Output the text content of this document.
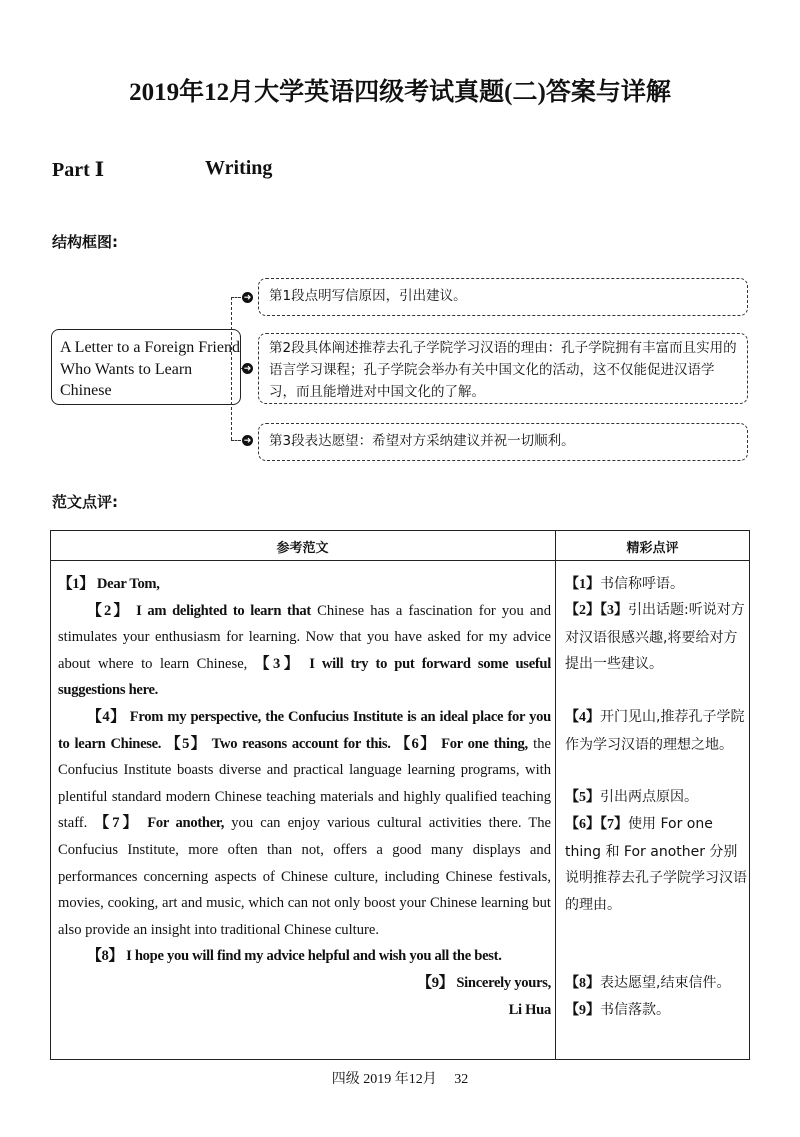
2019年12月大学英语四级考试真题(二)答案与详解
Part Ⅰ	Writing
结构框图:
A Letter to a Foreign Friend Who Wants to Learn Chinese
➜
➜
➜
第1段点明写信原因，引出建议。
第2段具体阐述推荐去孔子学院学习汉语的理由：孔子学院拥有丰富而且实用的语言学习课程；孔子学院会举办有关中国文化的活动，这不仅能促进汉语学习，而且能增进对中国文化的了解。
第3段表达愿望：希望对方采纳建议并祝一切顺利。
范文点评:
参考范文	精彩点评

【1】 Dear Tom,

【2】 I am delighted to learn that Chinese has a fascination for you and stimulates your enthusiasm for learning. Now that you have asked for my advice about where to learn Chinese, 【3】 I will try to put forward some useful suggestions here.

【4】 From my perspective, the Confucius Institute is an ideal place for you to learn Chinese. 【5】 Two reasons account for this. 【6】 For one thing, the Confucius Institute boasts diverse and practical language learning programs, with plentiful standard modern Chinese teaching materials and highly qualified teaching staff. 【7】 For another, you can enjoy various cultural activities there. The Confucius Institute, more often than not, offers a good many displays and performances concerning aspects of Chinese culture, including Chinese festivals, movies, cooking, art and music, which can not only boost your Chinese learning but also provide an insight into traditional Chinese culture.

【8】 I hope you will find my advice helpful and wish you all the best.

【9】 Sincerely yours,

Li Hua

【1】书信称呼语。
【2】【3】引出话题:听说对方对汉语很感兴趣,将要给对方提出一些建议。
【4】开门见山,推荐孔子学院作为学习汉语的理想之地。
【5】引出两点原因。
【6】【7】使用 For one thing 和 For another 分别说明推荐去孔子学院学习汉语的理由。
【8】表达愿望,结束信件。
【9】书信落款。
四级 2019 年12月　 32
